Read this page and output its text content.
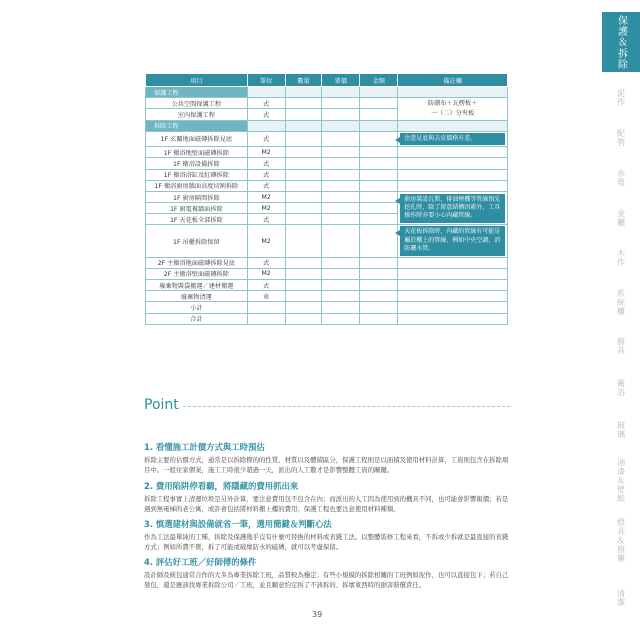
保護＆拆除
泥作
配管
水電
金屬
木作
系統櫃
廚具
衛浴
玻璃
油漆＆壁紙
燈具＆窗簾
清潔
項目	單位	數量	單價	金額	備註欄
保護工程					
公共空間保護工程	式				防潮布＋瓦楞板＋
一（二）分夾板
室內保護工程	式				
拆除工程					
1F 玄關地面磁磚拆除見底	式				注意見底與去皮價格有差。

1F 衛浴地壁面磁磚拆除	M2				
1F 衛浴設備拆除	式				
1F 衛浴浴缸及紅磚拆除	式				
1F 衛浴廚房牆面高度切割拆除	式				
1F 廚房隔間拆除	M2				廚房裝設瓦斯、排油煙機等管線預先挖孔時，除了留意結構因素外，工具操作時亦要小心內藏管線。

1F 廚電視牆面拆除	M2				
1F 天花板全部拆除	式				
1F 吊櫃拆除保留	M2				天花板拆除時，內藏的管線有可能是屬於樓上的管線，例如中央空調、消防灑水管。

2F 主衛浴地面磁磚拆除見底	式				
2F 主衛浴壁面磁磚拆除	M2				
廢棄物裝袋搬運／建材搬運	式				
廢棄物清運	車				
小計					
合計					
Point
1. 看懂施工計價方式與工時預估

拆除主要的估價方式，通常是以拆除標的的性質、材質以及體積區分，保護工程則是以面積及使用材料計算，工資則包含在拆除項目中。一般住家個案，施工工時很少超過一天，派出的人工數才是影響整體工資的關鍵。

2. 費用陷阱停看聽，將隱藏的費用抓出來

拆除工程事實上清運垃圾是另外計算，要注意費用包不包含在內；而派出的人工因為使用到的機具不同，也可能會影響報價；若是遇到無電梯的老公寓，或許會包括將材料搬上樓的費用；保護工程也要注意使用材料種類。

3. 慎選建材與設備就省一筆，選用簡鍵＆判斷心法

作為工法最單純的工種，拆除及保護幾乎沒有什麼可替換的材料或省錢工法。以整體裝修工程來看，不拆或少拆就是最直接的省錢方式；例如所費不貲，拆了可能或破壞防水的磁磚，就可以考慮保留。

4. 評估好工班／好師傅的條件

設計師及統包通常合作的大多為專業拆除工班，品質較為穩定；有些小規模的拆除相關的工班例如泥作，也可以直接包下；若自己發包，還是應該找專業拆除公司／工班，並且願意約定拆了不該拆的、拆壞東西時的損害賠償責任。

39
